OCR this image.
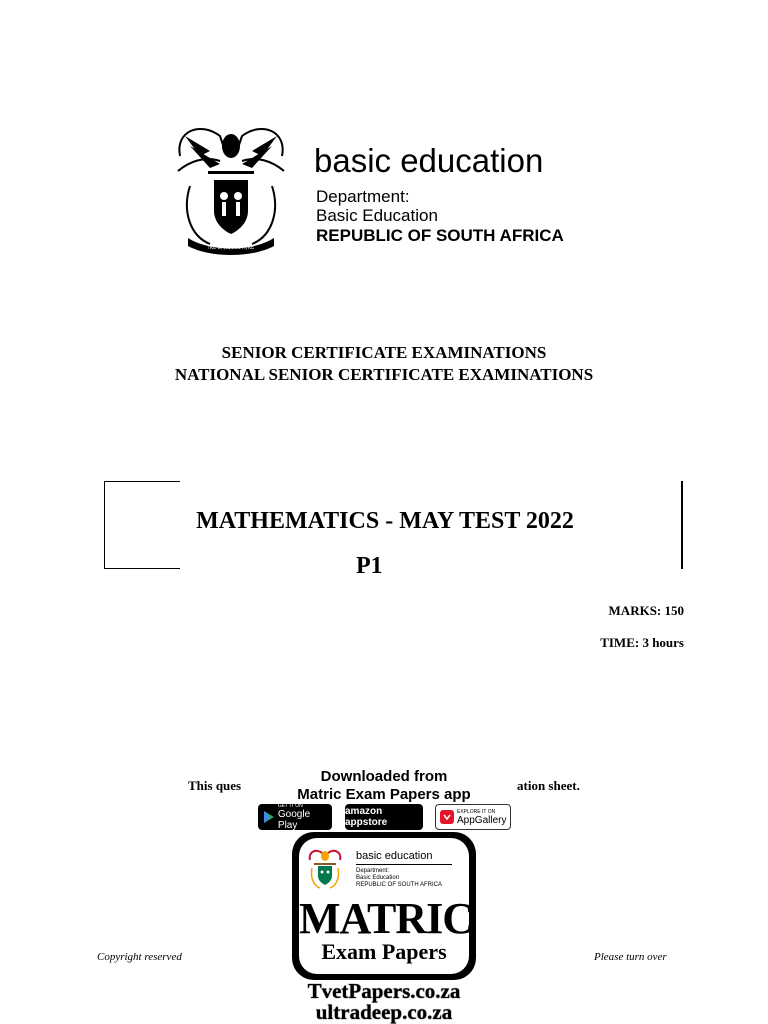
!KE E: /XARRA //KE
basic education
Department:
Basic Education
REPUBLIC OF SOUTH AFRICA
SENIOR CERTIFICATE EXAMINATIONS
NATIONAL SENIOR CERTIFICATE EXAMINATIONS
MATHEMATICS - MAY TEST 2022
P1
MARKS: 150
TIME: 3 hours
This ques	ation sheet.
Copyright reserved	Please turn over
Downloaded from
Matric Exam Papers app
GET IT ON
Google Play
amazon appstore
EXPLORE IT ON
AppGallery
basic education
Department:
Basic Education
REPUBLIC OF SOUTH AFRICA
MATRIC
Exam Papers
TvetPapers.co.za
ultradeep.co.za
